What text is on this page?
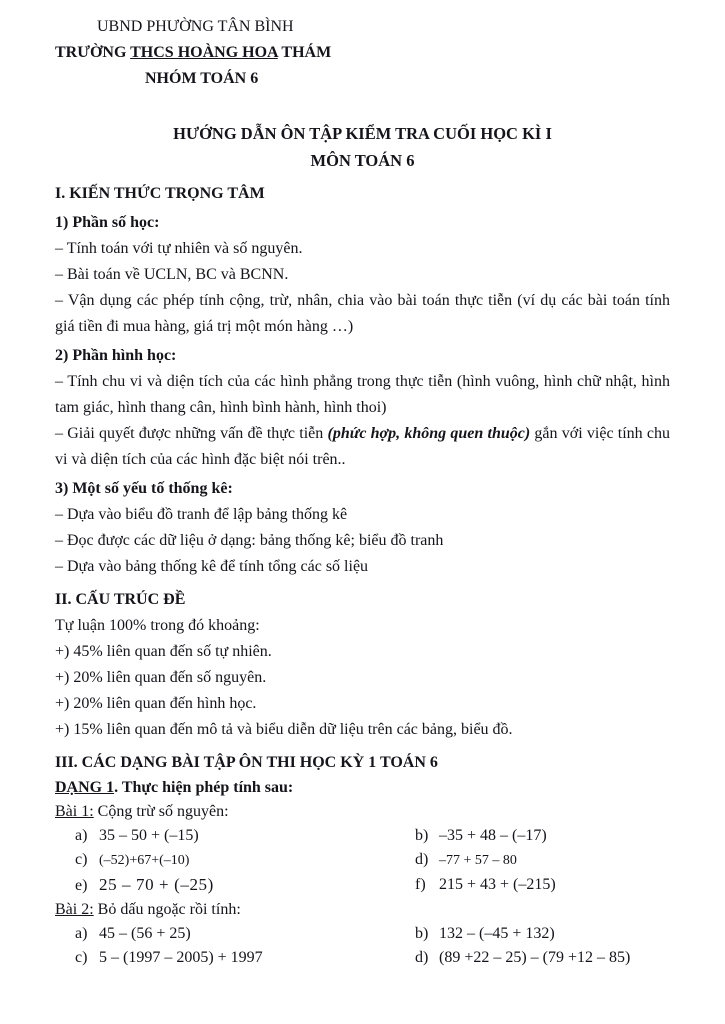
UBND PHƯỜNG TÂN BÌNH

TRƯỜNG THCS HOÀNG HOA THÁM

NHÓM TOÁN 6

HƯỚNG DẪN ÔN TẬP KIỂM TRA CUỐI HỌC KÌ I

MÔN TOÁN 6

I. KIẾN THỨC TRỌNG TÂM

1) Phần số học:

– Tính toán với tự nhiên và số nguyên.

– Bài toán về UCLN, BC và BCNN.

– Vận dụng các phép tính cộng, trừ, nhân, chia vào bài toán thực tiễn (ví dụ các bài toán tính giá tiền đi mua hàng, giá trị một món hàng …)

2) Phần hình học:

– Tính chu vi và diện tích của các hình phẳng trong thực tiễn (hình vuông, hình chữ nhật, hình tam giác, hình thang cân, hình bình hành, hình thoi)

– Giải quyết được những vấn đề thực tiễn (phức hợp, không quen thuộc) gắn với việc tính chu vi và diện tích của các hình đặc biệt nói trên..

3) Một số yếu tố thống kê:

– Dựa vào biểu đồ tranh để lập bảng thống kê

– Đọc được các dữ liệu ở dạng: bảng thống kê; biểu đồ tranh

– Dựa vào bảng thống kê để tính tổng các số liệu

II. CẤU TRÚC ĐỀ

Tự luận 100% trong đó khoảng:

+) 45% liên quan đến số tự nhiên.

+) 20% liên quan đến số nguyên.

+) 20% liên quan đến hình học.

+) 15% liên quan đến mô tả và biểu diễn dữ liệu trên các bảng, biểu đồ.

III. CÁC DẠNG BÀI TẬP ÔN THI HỌC KỲ 1 TOÁN 6

DẠNG 1. Thực hiện phép tính sau:

Bài 1: Cộng trừ số nguyên:

a) 35 – 50 + (–15)	b) –35 + 48 – (–17)
c) (–52)+67+(–10)	d) –77 + 57 – 80
e) 25 – 70 + (–25)	f) 215 + 43 + (–215)

Bài 2: Bỏ dấu ngoặc rồi tính:

a) 45 – (56 + 25)	b) 132 – (–45 + 132)
c) 5 – (1997 – 2005) + 1997	d) (89 +22 – 25) – (79 +12 – 85)
